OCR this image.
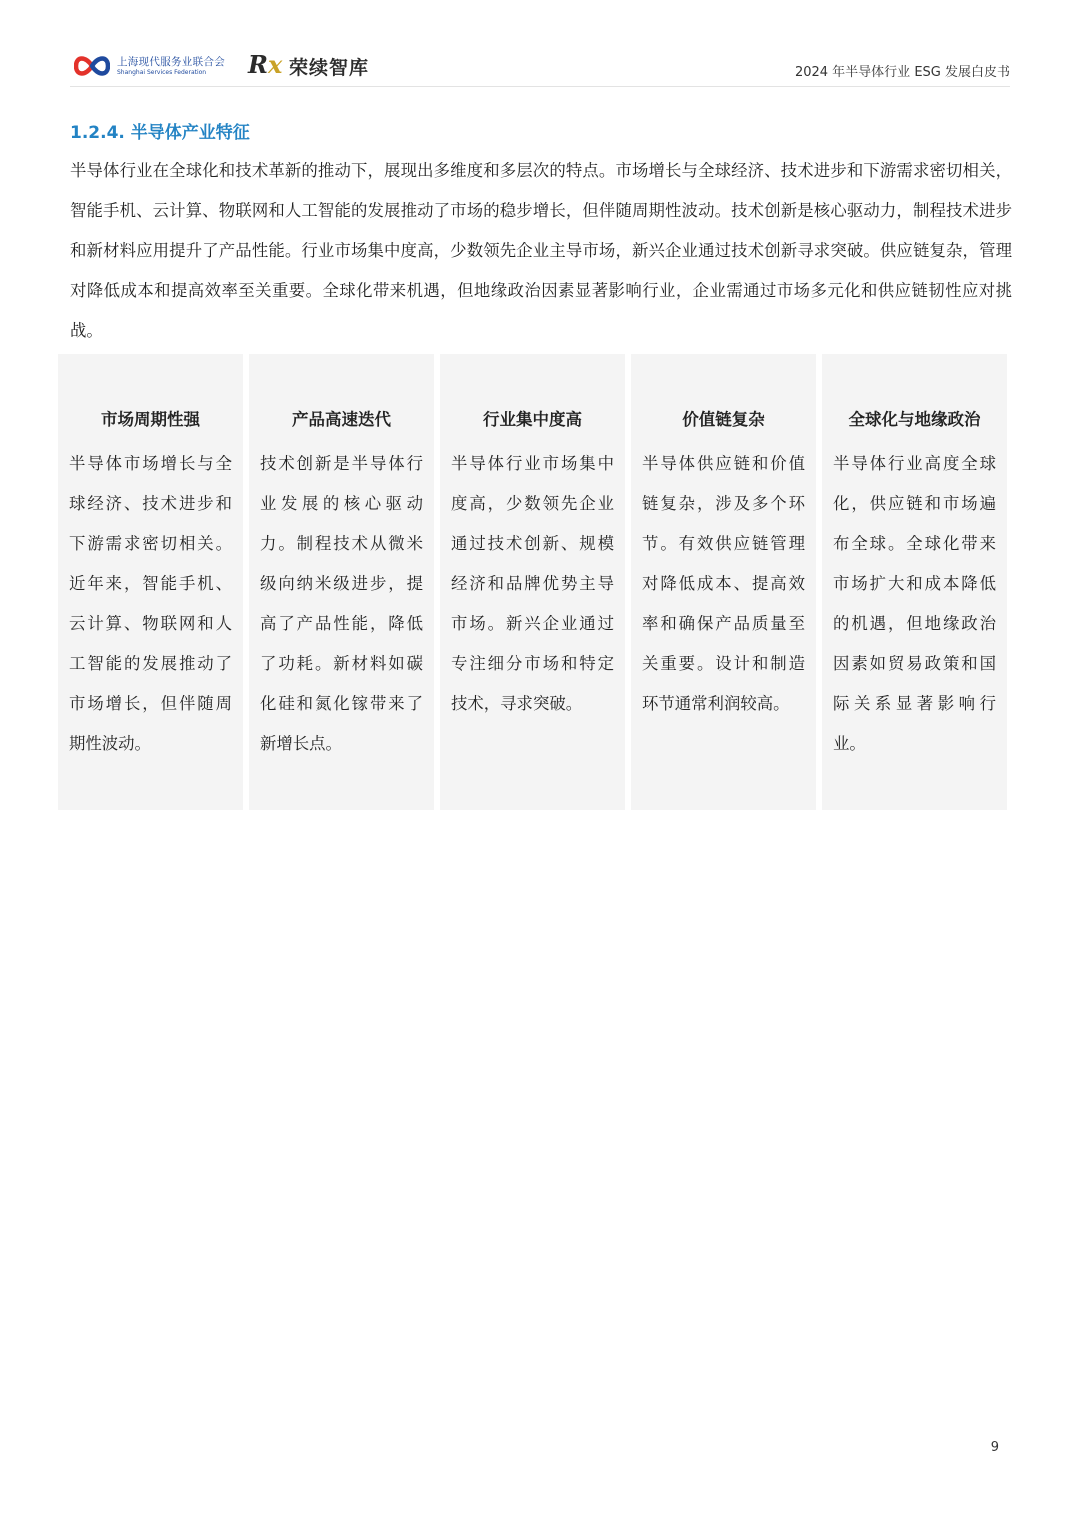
上海现代服务业联合会
Shanghai Services Federation Rx 荣续智库	2024 年半导体行业 ESG 发展白皮书
1.2.4. 半导体产业特征

半导体行业在全球化和技术革新的推动下，展现出多维度和多层次的特点。市场增长与全球经济、技术进步和下游需求密切相关，智能手机、云计算、物联网和人工智能的发展推动了市场的稳步增长，但伴随周期性波动。技术创新是核心驱动力，制程技术进步和新材料应用提升了产品性能。行业市场集中度高，少数领先企业主导市场，新兴企业通过技术创新寻求突破。供应链复杂，管理对降低成本和提高效率至关重要。全球化带来机遇，但地缘政治因素显著影响行业，企业需通过市场多元化和供应链韧性应对挑战。

市场周期性强

半导体市场增长与全球经济、技术进步和下游需求密切相关。近年来，智能手机、云计算、物联网和人工智能的发展推动了市场增长，但伴随周期性波动。

产品高速迭代

技术创新是半导体行业发展的核心驱动力。制程技术从微米级向纳米级进步，提高了产品性能，降低了功耗。新材料如碳化硅和氮化镓带来了新增长点。

行业集中度高

半导体行业市场集中度高，少数领先企业通过技术创新、规模经济和品牌优势主导市场。新兴企业通过专注细分市场和特定技术，寻求突破。

价值链复杂

半导体供应链和价值链复杂，涉及多个环节。有效供应链管理对降低成本、提高效率和确保产品质量至关重要。设计和制造环节通常利润较高。

全球化与地缘政治

半导体行业高度全球化，供应链和市场遍布全球。全球化带来市场扩大和成本降低的机遇，但地缘政治因素如贸易政策和国际关系显著影响行业。

9
